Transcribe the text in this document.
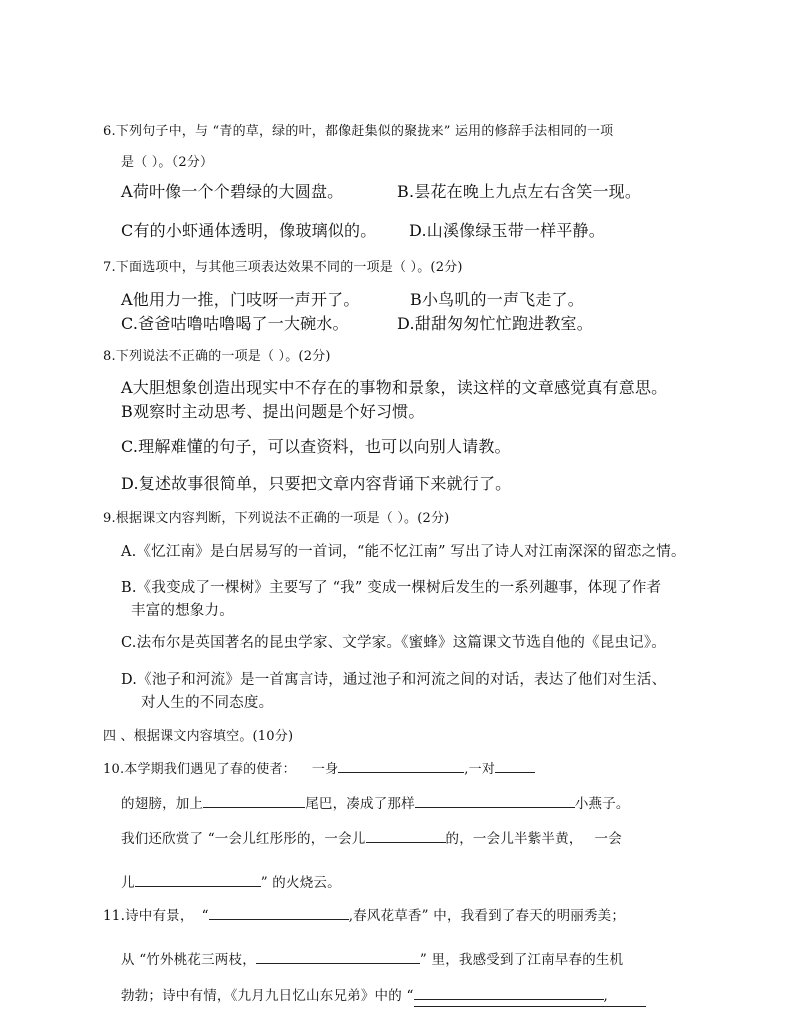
6.下列句子中，与 “青的草，绿的叶，都像赶集似的聚拢来” 运用的修辞手法相同的一项
是（ ）。（2分）
A荷叶像一个个碧绿的大圆盘。	B.昙花在晚上九点左右含笑一现。
C有的小虾通体透明，像玻璃似的。 D.山溪像绿玉带一样平静。
7.下面选项中，与其他三项表达效果不同的一项是（ ）。(2分)
A他用力一推，门吱呀一声开了。	B小鸟叽的一声飞走了。
C.爸爸咕噜咕噜喝了一大碗水。	D.甜甜匆匆忙忙跑进教室。
8.下列说法不正确的一项是（ ）。(2分)
A大胆想象创造出现实中不存在的事物和景象，读这样的文章感觉真有意思。
B观察时主动思考、提出问题是个好习惯。
C.理解难懂的句子，可以查资料，也可以向别人请教。
D.复述故事很简单，只要把文章内容背诵下来就行了。
9.根据课文内容判断，下列说法不正确的一项是（ ）。(2分)
A.《忆江南》是白居易写的一首词，“能不忆江南” 写出了诗人对江南深深的留恋之情。
B.《我变成了一棵树》主要写了 “我” 变成一棵树后发生的一系列趣事，体现了作者
丰富的想象力。
C.法布尔是英国著名的昆虫学家、文学家。《蜜蜂》这篇课文节选自他的《昆虫记》。
D.《池子和河流》是一首寓言诗，通过池子和河流之间的对话，表达了他们对生活、
对人生的不同态度。
四 、根据课文内容填空。(10分)
10.本学期我们遇见了春的使者： 一身	,一对
的翅膀，加上	尾巴，凑成了那样	小燕子。
我们还欣赏了 “一会儿红彤彤的，一会儿	的，一会儿半紫半黄， 一会
儿	” 的火烧云。
11.诗中有景， “	,春风花草香” 中，我看到了春天的明丽秀美；
从 “竹外桃花三两枝，	” 里，我感受到了江南早春的生机
勃勃；诗中有情，《九月九日忆山东兄弟》中的 “	,
